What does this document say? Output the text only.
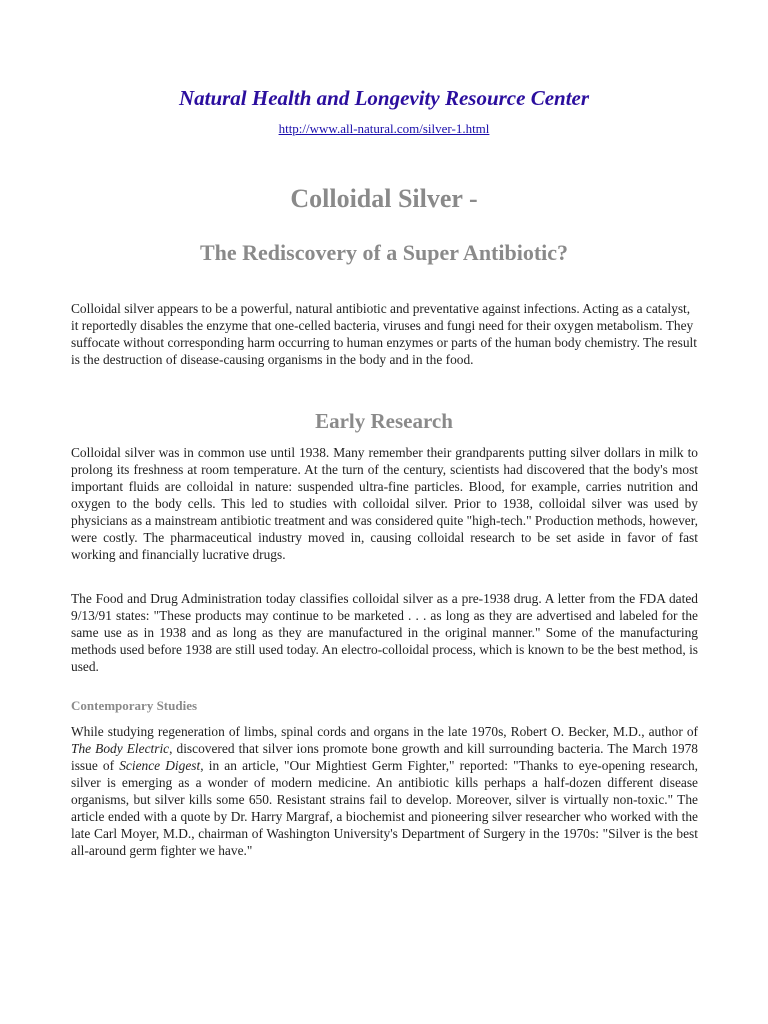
Natural Health and Longevity Resource Center
http://www.all-natural.com/silver-1.html
Colloidal Silver -
The Rediscovery of a Super Antibiotic?

Colloidal silver appears to be a powerful, natural antibiotic and preventative against infections. Acting as a catalyst, it reportedly disables the enzyme that one-celled bacteria, viruses and fungi need for their oxygen metabolism. They suffocate without corresponding harm occurring to human enzymes or parts of the human body chemistry. The result is the destruction of disease-causing organisms in the body and in the food.

Early Research

Colloidal silver was in common use until 1938. Many remember their grandparents putting silver dollars in milk to prolong its freshness at room temperature. At the turn of the century, scientists had discovered that the body's most important fluids are colloidal in nature: suspended ultra-fine particles. Blood, for example, carries nutrition and oxygen to the body cells. This led to studies with colloidal silver. Prior to 1938, colloidal silver was used by physicians as a mainstream antibiotic treatment and was considered quite "high-tech." Production methods, however, were costly. The pharmaceutical industry moved in, causing colloidal research to be set aside in favor of fast working and financially lucrative drugs.

The Food and Drug Administration today classifies colloidal silver as a pre-1938 drug. A letter from the FDA dated 9/13/91 states: "These products may continue to be marketed . . . as long as they are advertised and labeled for the same use as in 1938 and as long as they are manufactured in the original manner." Some of the manufacturing methods used before 1938 are still used today. An electro-colloidal process, which is known to be the best method, is used.

Contemporary Studies

While studying regeneration of limbs, spinal cords and organs in the late 1970s, Robert O. Becker, M.D., author of The Body Electric, discovered that silver ions promote bone growth and kill surrounding bacteria. The March 1978 issue of Science Digest, in an article, "Our Mightiest Germ Fighter," reported: "Thanks to eye-opening research, silver is emerging as a wonder of modern medicine. An antibiotic kills perhaps a half-dozen different disease organisms, but silver kills some 650. Resistant strains fail to develop. Moreover, silver is virtually non-toxic." The article ended with a quote by Dr. Harry Margraf, a biochemist and pioneering silver researcher who worked with the late Carl Moyer, M.D., chairman of Washington University's Department of Surgery in the 1970s: "Silver is the best all-around germ fighter we have."
